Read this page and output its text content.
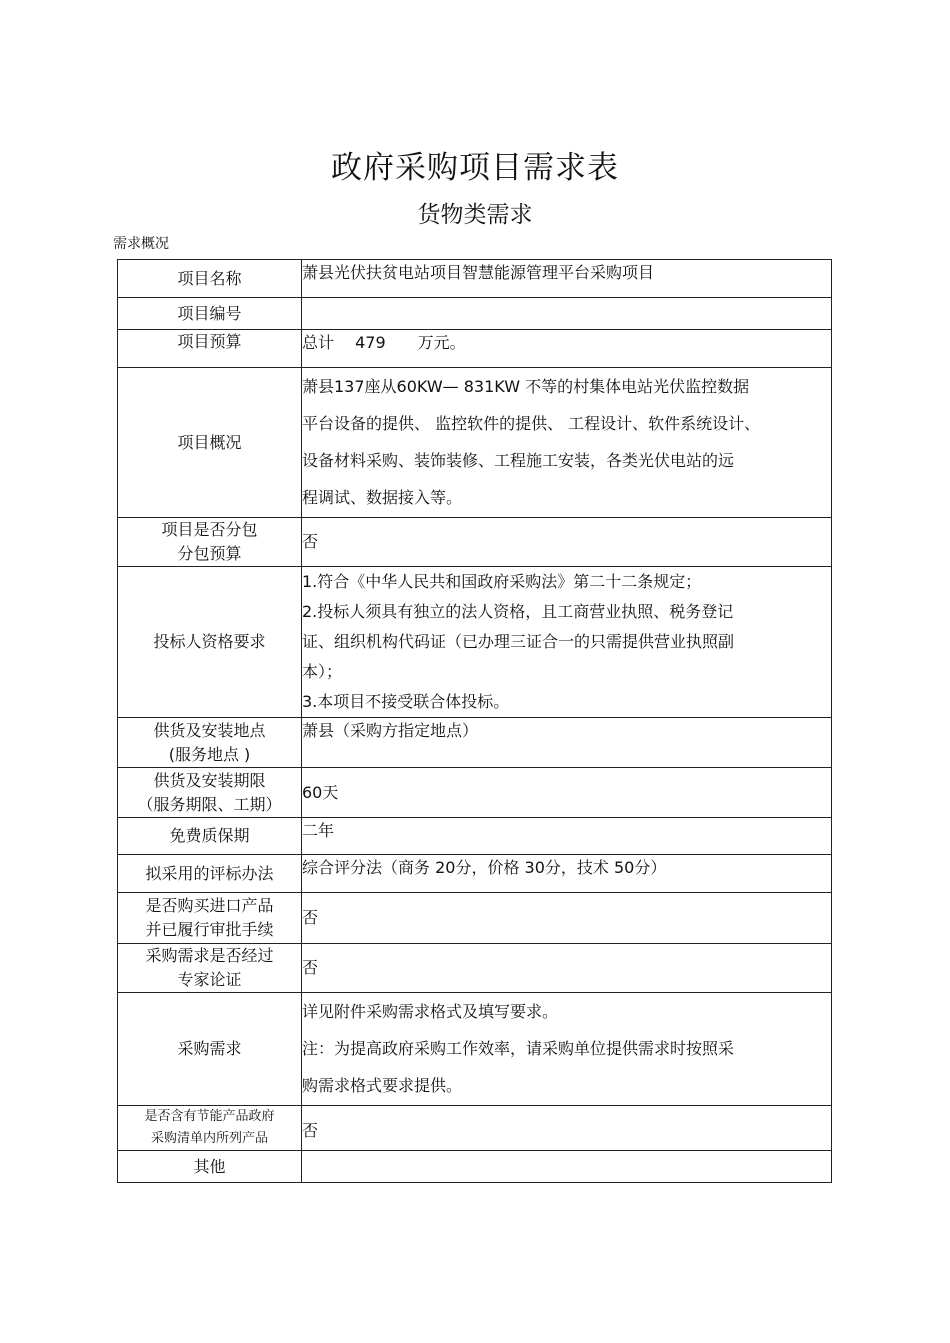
政府采购项目需求表
货物类需求
需求概况
项目名称	萧县光伏扶贫电站项目智慧能源管理平台采购项目

项目编号	

项目预算	总计　 479　　万元。

项目概况	萧县137座从60KW— 831KW 不等的村集体电站光伏监控数据
平台设备的提供、 监控软件的提供、 工程设计、软件系统设计、
设备材料采购、装饰装修、工程施工安装，各类光伏电站的远
程调试、数据接入等。

项目是否分包
分包预算	否

投标人资格要求	1.符合《中华人民共和国政府采购法》第二十二条规定；
2.投标人须具有独立的法人资格，且工商营业执照、税务登记
证、组织机构代码证（已办理三证合一的只需提供营业执照副
本）；
3.本项目不接受联合体投标。

供货及安装地点
(服务地点 )	萧县（采购方指定地点）

供货及安装期限
（服务期限、工期）	60天

免费质保期	二年

拟采用的评标办法	综合评分法（商务 20分，价格 30分，技术 50分）

是否购买进口产品
并已履行审批手续	否

采购需求是否经过
专家论证	否

采购需求	详见附件采购需求格式及填写要求。
注：为提高政府采购工作效率，请采购单位提供需求时按照采
购需求格式要求提供。

是否含有节能产品政府
采购清单内所列产品	否

其他	
